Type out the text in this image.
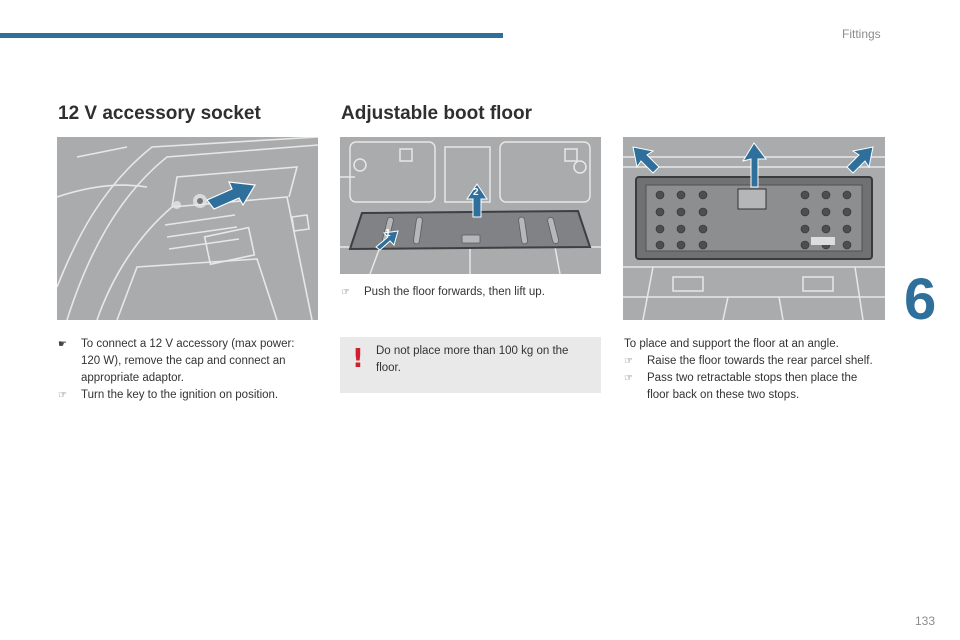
Fittings
6
12 V accessory socket
☛ To connect a 12 V accessory (max power: 120 W), remove the cap and connect an appropriate adaptor.
☞ Turn the key to the ignition on position.
Adjustable boot floor
1
2
☞ Push the floor forwards, then lift up.
! Do not place more than 100 kg on the floor.

To place and support the floor at an angle.

☞ Raise the floor towards the rear parcel shelf.
☞ Pass two retractable stops then place the floor back on these two stops.
133
